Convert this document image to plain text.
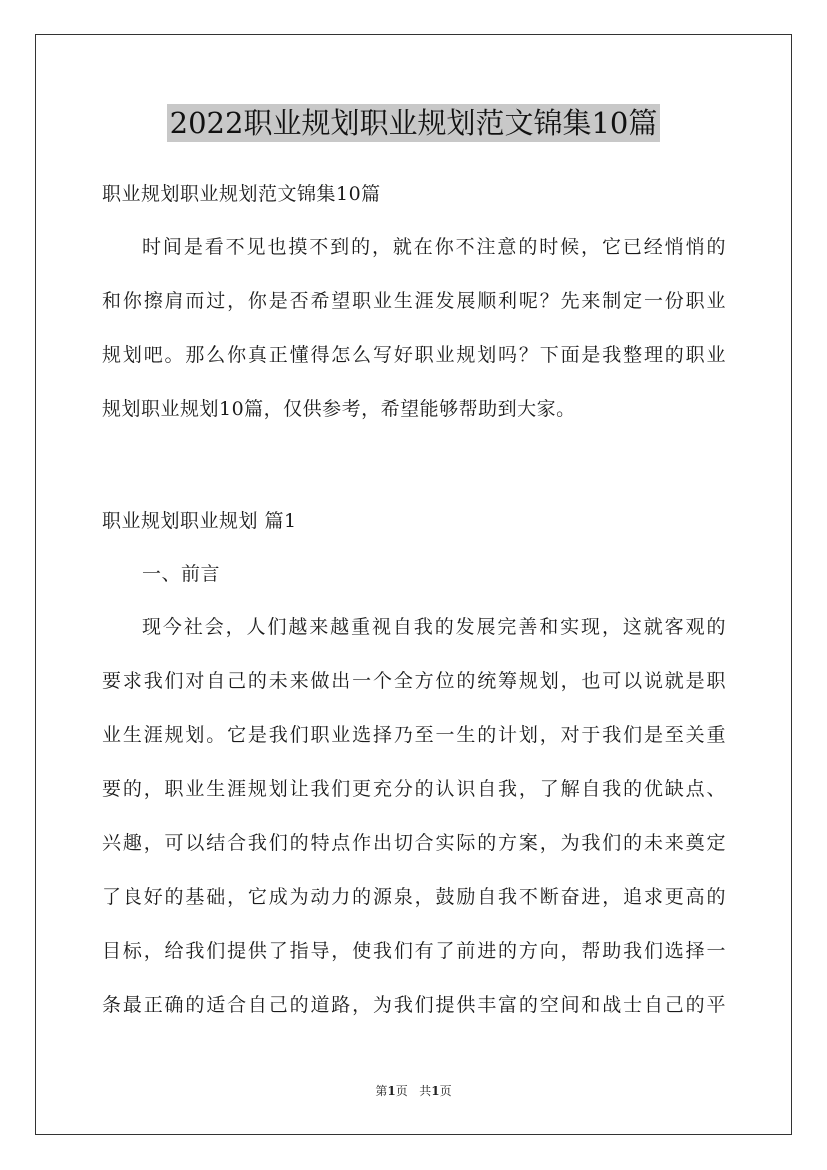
2022职业规划职业规划范文锦集10篇
职业规划职业规划范文锦集10篇
时间是看不见也摸不到的，就在你不注意的时候，它已经悄悄的
和你擦肩而过，你是否希望职业生涯发展顺利呢？先来制定一份职业
规划吧。那么你真正懂得怎么写好职业规划吗？下面是我整理的职业
规划职业规划10篇，仅供参考，希望能够帮助到大家。
职业规划职业规划 篇1
一、前言
现今社会，人们越来越重视自我的发展完善和实现，这就客观的
要求我们对自己的未来做出一个全方位的统筹规划，也可以说就是职
业生涯规划。它是我们职业选择乃至一生的计划，对于我们是至关重
要的，职业生涯规划让我们更充分的认识自我，了解自我的优缺点、
兴趣，可以结合我们的特点作出切合实际的方案，为我们的未来奠定
了良好的基础，它成为动力的源泉，鼓励自我不断奋进，追求更高的
目标，给我们提供了指导，使我们有了前进的方向，帮助我们选择一
条最正确的适合自己的道路，为我们提供丰富的空间和战士自己的平
第1页 共1页
